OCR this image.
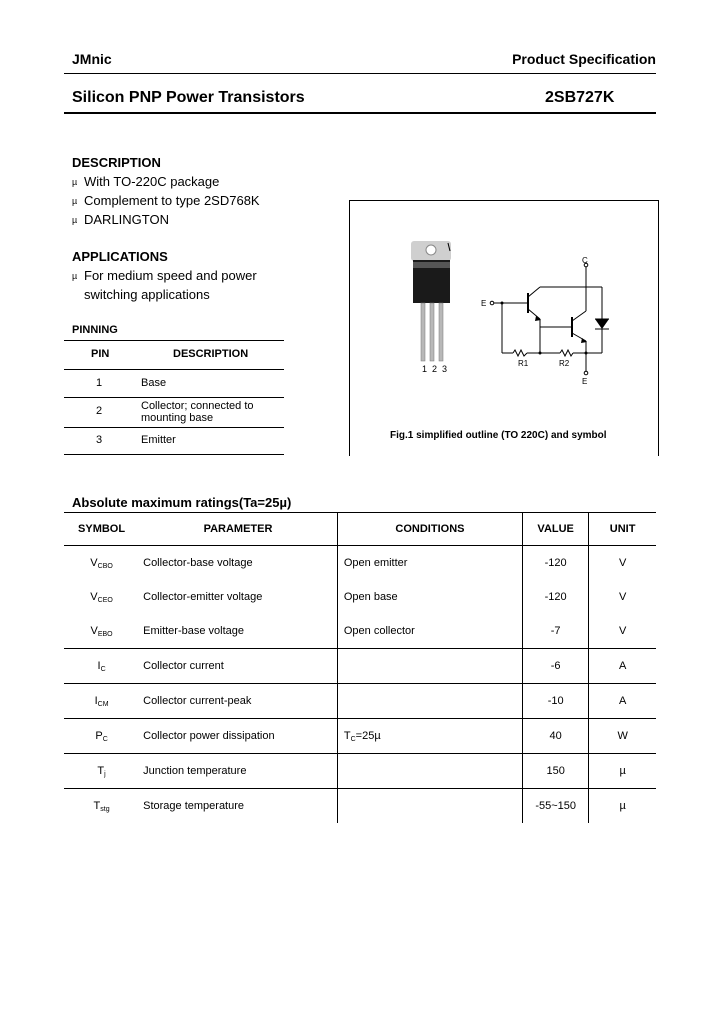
JMnic	Product Specification
Silicon PNP Power Transistors	2SB727K
DESCRIPTION
µ With TO-220C package
µ Complement to type 2SD768K
µ DARLINGTON
APPLICATIONS
µ For medium speed and power
switching applications
PINNING
PIN	DESCRIPTION
1	Base
2	Collector; connected to
mounting base
3	Emitter
1  2  3
C
E
E
R1	R2
Fig.1 simplified outline (TO 220C) and symbol
Absolute maximum ratings(Ta=25µ)
SYMBOL	PARAMETER	CONDITIONS	VALUE	UNIT
$V_{CBO}$	Collector-base voltage	Open emitter	-120	V
$V_{CEO}$	Collector-emitter voltage	Open base	-120	V
$V_{EBO}$	Emitter-base voltage	Open collector	-7	V
$I_C$	Collector current		-6	A
$I_{CM}$	Collector current-peak		-10	A
$P_C$	Collector power dissipation	$T_C=25\mu$	40	W
$T_j$	Junction temperature		150	µ
$T_{stg}$	Storage temperature		-55~150	µ
